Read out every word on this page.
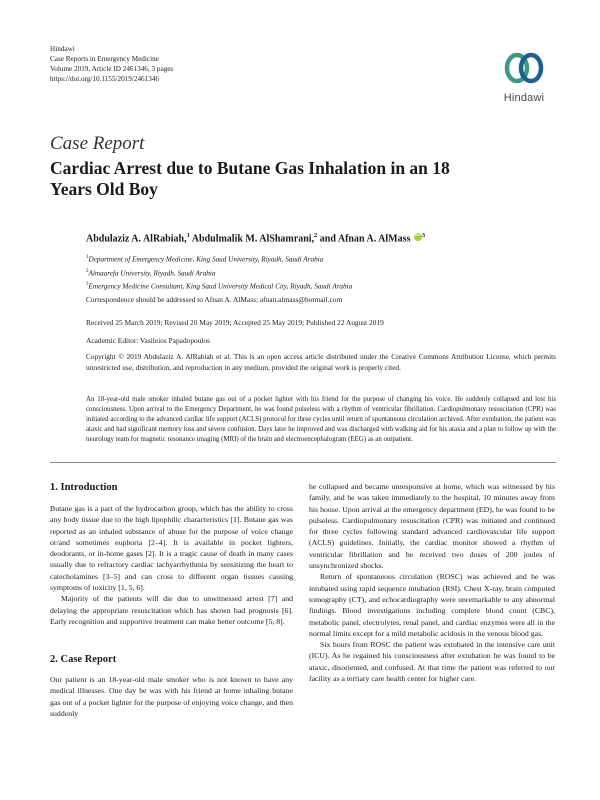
Hindawi
Case Reports in Emergency Medicine
Volume 2019, Article ID 2461346, 3 pages
https://doi.org/10.1155/2019/2461346
Hindawi
Case Report
Cardiac Arrest due to Butane Gas Inhalation in an 18 Years Old Boy
Abdulaziz A. AlRabiah,$^1$ Abdulmalik M. AlShamrani,$^2$ and Afnan A. AlMass iD $^3$
$^1$Department of Emergency Medicine, King Saud University, Riyadh, Saudi Arabia
$^2$Almaarefa University, Riyadh, Saudi Arabia
$^3$Emergency Medicine Consultant, King Saud University Medical City, Riyadh, Saudi Arabia
Correspondence should be addressed to Afnan A. AlMass; afnan.almass@hotmail.com
Received 25 March 2019; Revised 20 May 2019; Accepted 25 May 2019; Published 22 August 2019
Academic Editor: Vasileios Papadopoulos
Copyright © 2019 Abdulaziz A. AlRabiah et al. This is an open access article distributed under the Creative Commons Attribution License, which permits unrestricted use, distribution, and reproduction in any medium, provided the original work is properly cited.
An 18-year-old male smoker inhaled butane gas out of a pocket lighter with his friend for the purpose of changing his voice. He suddenly collapsed and lost his consciousness. Upon arrival to the Emergency Department, he was found pulseless with a rhythm of ventricular fibrillation. Cardiopulmonary resuscitation (CPR) was initiated according to the advanced cardiac life support (ACLS) protocol for three cycles until return of spontaneous circulation archived. After extubation, the patient was ataxic and had significant memory loss and severe confusion. Days later he improved and was discharged with walking aid for his ataxia and a plan to follow up with the neurology team for magnetic resonance imaging (MRI) of the brain and electroencephalogram (EEG) as an outpatient.
1. Introduction

Butane gas is a part of the hydrocarbon group, which has the ability to cross any body tissue due to the high lipophilic characteristics [1]. Butane gas was reported as an inhaled substance of abuse for the purpose of voice change or/and sometimes euphoria [2–4]. It is available in pocket lighters, deodorants, or in-home gases [2]. It is a tragic cause of death in many cases usually due to refractory cardiac tachyarrhythmia by sensitizing the heart to catecholamines [3–5] and can cross to different organ tissues causing symptoms of toxicity [1, 5, 6].

Majority of the patients will die due to unwitnessed arrest [7] and delaying the appropriate resuscitation which has shown bad prognosis [6]. Early recognition and supportive treatment can make better outcome [5, 8].

2. Case Report

Our patient is an 18-year-old male smoker who is not known to have any medical illnesses. One day he was with his friend at home inhaling butane gas out of a pocket lighter for the purpose of enjoying voice change, and then suddenly

he collapsed and became unresponsive at home, which was witnessed by his family, and he was taken immediately to the hospital, 10 minutes away from his house. Upon arrival at the emergency department (ED), he was found to be pulseless. Cardiopulmonary resuscitation (CPR) was initiated and continued for three cycles following standard advanced cardiovascular life support (ACLS) guidelines. Initially, the cardiac monitor showed a rhythm of ventricular fibrillation and he received two doses of 200 joules of unsynchronized shocks.

Return of spontaneous circulation (ROSC) was achieved and he was intubated using rapid sequence intubation (RSI). Chest X-ray, brain computed tomography (CT), and echocardiography were unremarkable to any abnormal findings. Blood investigations including complete blood count (CBC), metabolic panel, electrolytes, renal panel, and cardiac enzymes were all in the normal limits except for a mild metabolic acidosis in the venous blood gas.

Six hours from ROSC the patient was extubated in the intensive care unit (ICU). As he regained his consciousness after extubation he was found to be ataxic, disoriented, and confused. At that time the patient was referred to our facility as a tertiary care health center for higher care.
